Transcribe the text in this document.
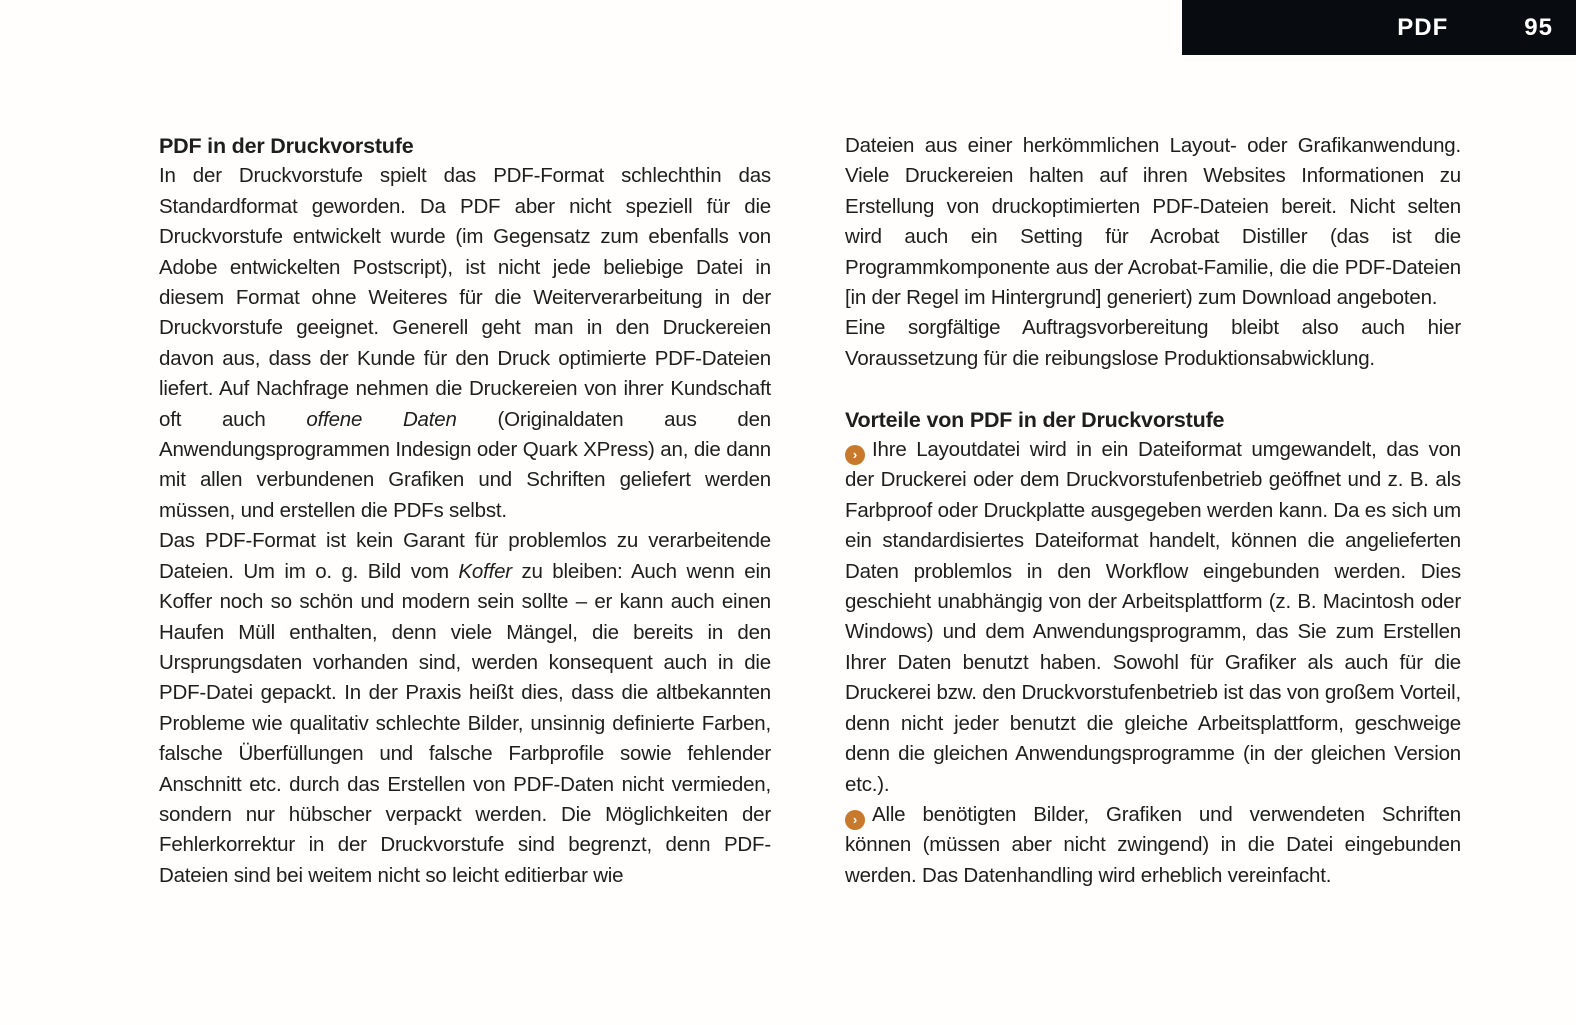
PDF	95
PDF in der Druckvorstufe

In der Druckvorstufe spielt das PDF-Format schlechthin das Standardformat geworden. Da PDF aber nicht speziell für die Druckvorstufe entwickelt wurde (im Gegensatz zum ebenfalls von Adobe entwickelten Postscript), ist nicht jede beliebige Datei in diesem Format ohne Weiteres für die Weiterverarbeitung in der Druckvorstufe geeignet. Generell geht man in den Druckereien davon aus, dass der Kunde für den Druck optimierte PDF-Dateien liefert. Auf Nachfrage nehmen die Druckereien von ihrer Kundschaft oft auch offene Daten (Originaldaten aus den Anwendungsprogrammen Indesign oder Quark XPress) an, die dann mit allen verbundenen Grafiken und Schriften geliefert werden müssen, und erstellen die PDFs selbst.

Das PDF-Format ist kein Garant für problemlos zu verarbeitende Dateien. Um im o. g. Bild vom Koffer zu bleiben: Auch wenn ein Koffer noch so schön und modern sein sollte – er kann auch einen Haufen Müll enthalten, denn viele Mängel, die bereits in den Ursprungsdaten vorhanden sind, werden konsequent auch in die PDF-Datei gepackt. In der Praxis heißt dies, dass die altbekannten Probleme wie qualitativ schlechte Bilder, unsinnig definierte Farben, falsche Überfüllungen und falsche Farbprofile sowie fehlender Anschnitt etc. durch das Erstellen von PDF-Daten nicht vermieden, sondern nur hübscher verpackt werden. Die Möglichkeiten der Fehlerkorrektur in der Druckvorstufe sind begrenzt, denn PDF-Dateien sind bei weitem nicht so leicht editierbar wie

Dateien aus einer herkömmlichen Layout- oder Grafikanwendung. Viele Druckereien halten auf ihren Websites Informationen zu Erstellung von druckoptimierten PDF-Dateien bereit. Nicht selten wird auch ein Setting für Acrobat Distiller (das ist die Programmkomponente aus der Acrobat-Familie, die die PDF-Dateien [in der Regel im Hintergrund] generiert) zum Download angeboten.

Eine sorgfältige Auftragsvorbereitung bleibt also auch hier Voraussetzung für die reibungslose Produktionsabwicklung.

Vorteile von PDF in der Druckvorstufe

› Ihre Layoutdatei wird in ein Dateiformat umgewandelt, das von der Druckerei oder dem Druckvorstufenbetrieb geöffnet und z. B. als Farbproof oder Druckplatte ausgegeben werden kann. Da es sich um ein standardisiertes Dateiformat handelt, können die angelieferten Daten problemlos in den Workflow eingebunden werden. Dies geschieht unabhängig von der Arbeitsplattform (z. B. Macintosh oder Windows) und dem Anwendungsprogramm, das Sie zum Erstellen Ihrer Daten benutzt haben. Sowohl für Grafiker als auch für die Druckerei bzw. den Druckvorstufenbetrieb ist das von großem Vorteil, denn nicht jeder benutzt die gleiche Arbeitsplattform, geschweige denn die gleichen Anwendungsprogramme (in der gleichen Version etc.).

› Alle benötigten Bilder, Grafiken und verwendeten Schriften können (müssen aber nicht zwingend) in die Datei eingebunden werden. Das Datenhandling wird erheblich vereinfacht.
